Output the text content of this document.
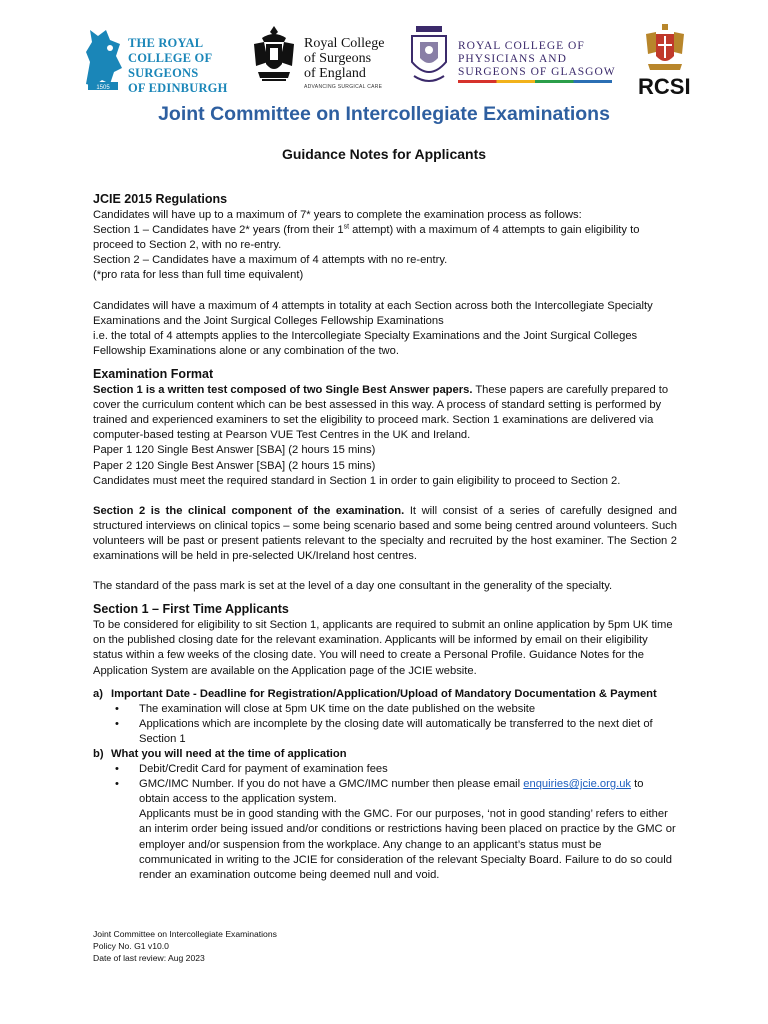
1505
THE ROYAL
COLLEGE OF
SURGEONS
OF EDINBURGH
Royal College
of Surgeons
of England
ADVANCING SURGICAL CARE
ROYAL COLLEGE OF
PHYSICIANS AND
SURGEONS OF GLASGOW
RCSI
Joint Committee on Intercollegiate Examinations
Guidance Notes for Applicants
JCIE 2015 Regulations

Candidates will have up to a maximum of 7* years to complete the examination process as follows:

Section 1 – Candidates have 2* years (from their 1st attempt) with a maximum of 4 attempts to gain eligibility to proceed to Section 2, with no re-entry.

Section 2 – Candidates have a maximum of 4 attempts with no re-entry.

(*pro rata for less than full time equivalent)

Candidates will have a maximum of 4 attempts in totality at each Section across both the Intercollegiate Specialty Examinations and the Joint Surgical Colleges Fellowship Examinations

i.e. the total of 4 attempts applies to the Intercollegiate Specialty Examinations and the Joint Surgical Colleges Fellowship Examinations alone or any combination of the two.

Examination Format

Section 1 is a written test composed of two Single Best Answer papers. These papers are carefully prepared to cover the curriculum content which can be best assessed in this way. A process of standard setting is performed by trained and experienced examiners to set the eligibility to proceed mark. Section 1 examinations are delivered via computer-based testing at Pearson VUE Test Centres in the UK and Ireland.

Paper 1 120 Single Best Answer [SBA] (2 hours 15 mins)

Paper 2 120 Single Best Answer [SBA] (2 hours 15 mins)

Candidates must meet the required standard in Section 1 in order to gain eligibility to proceed to Section 2.

Section 2 is the clinical component of the examination. It will consist of a series of carefully designed and structured interviews on clinical topics – some being scenario based and some being centred around volunteers. Such volunteers will be past or present patients relevant to the specialty and recruited by the host examiner. The Section 2 examinations will be held in pre-selected UK/Ireland host centres.

The standard of the pass mark is set at the level of a day one consultant in the generality of the specialty.

Section 1 – First Time Applicants

To be considered for eligibility to sit Section 1, applicants are required to submit an online application by 5pm UK time on the published closing date for the relevant examination. Applicants will be informed by email on their eligibility status within a few weeks of the closing date. You will need to create a Personal Profile. Guidance Notes for the Application System are available on the Application page of the JCIE website.

a) Important Date - Deadline for Registration/Application/Upload of Mandatory Documentation & Payment
• The examination will close at 5pm UK time on the date published on the website
• Applications which are incomplete by the closing date will automatically be transferred to the next diet of Section 1
b) What you will need at the time of application
• Debit/Credit Card for payment of examination fees
• GMC/IMC Number. If you do not have a GMC/IMC number then please email enquiries@jcie.org.uk to obtain access to the application system.
Applicants must be in good standing with the GMC. For our purposes, ‘not in good standing’ refers to either an interim order being issued and/or conditions or restrictions having been placed on practice by the GMC or employer and/or suspension from the workplace. Any change to an applicant’s status must be communicated in writing to the JCIE for consideration of the relevant Specialty Board. Failure to do so could render an examination outcome being deemed null and void.
Joint Committee on Intercollegiate Examinations
Policy No. G1 v10.0
Date of last review: Aug 2023
